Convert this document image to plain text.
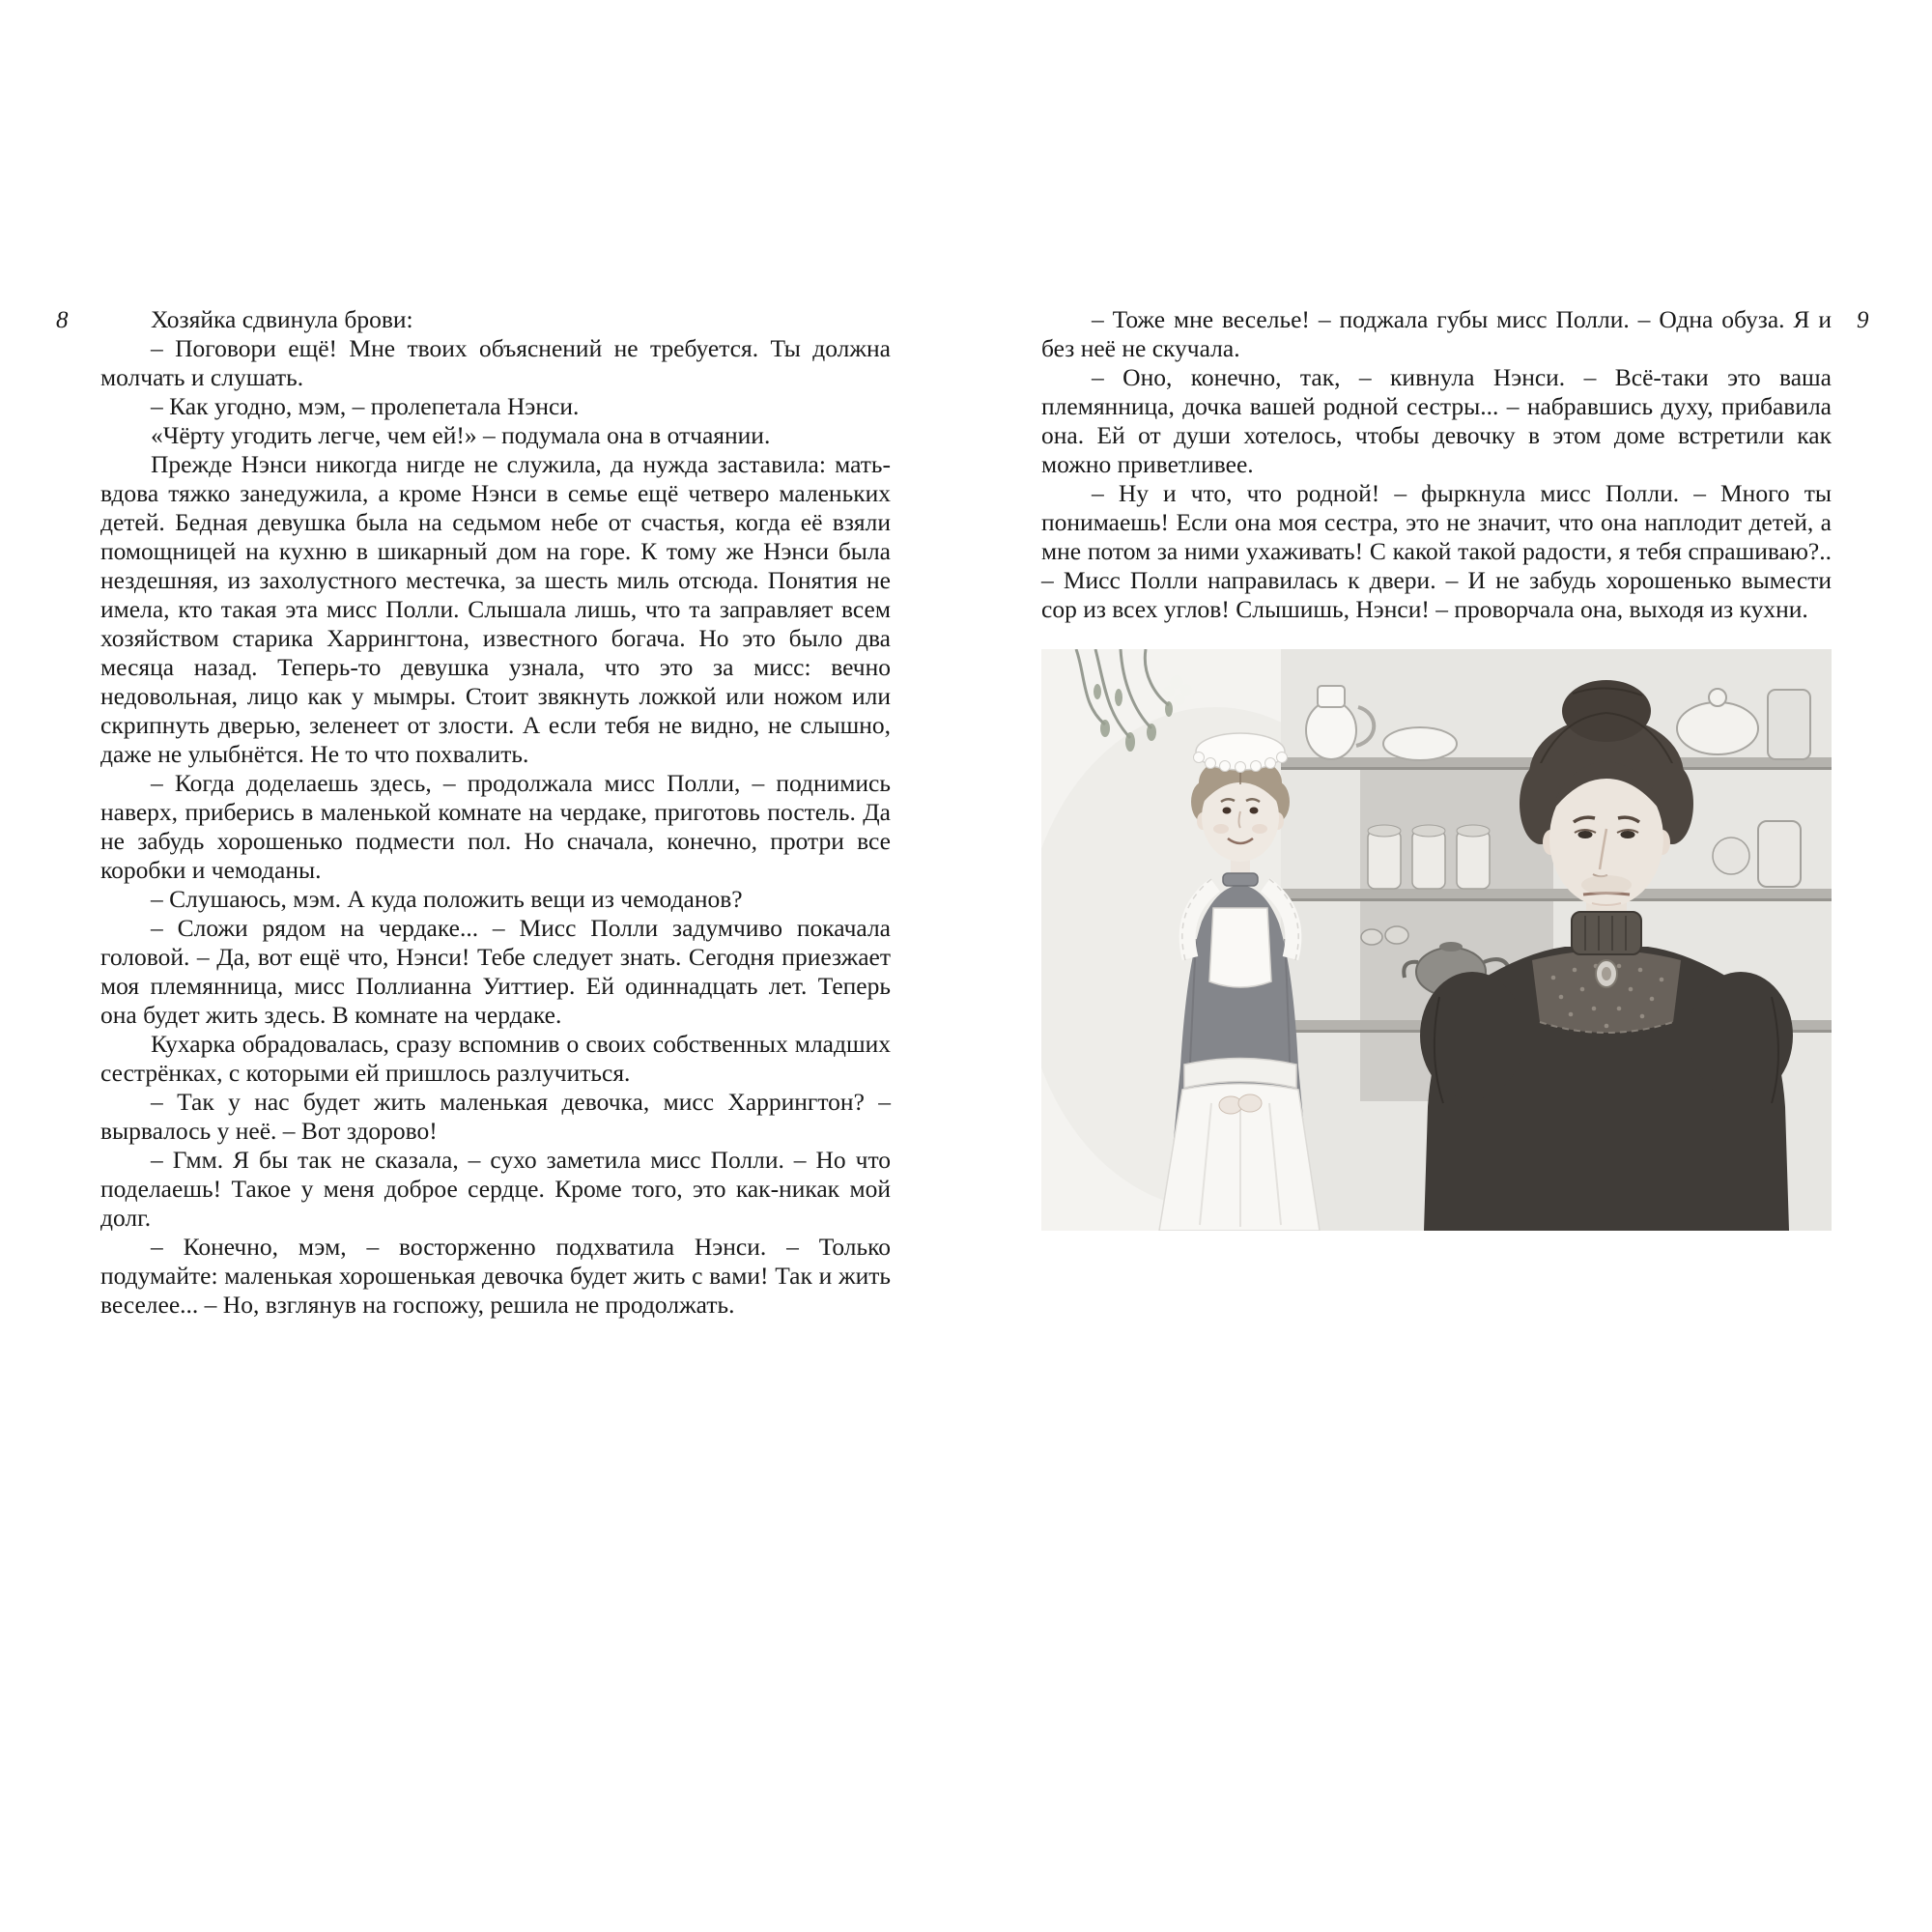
8	9

Хозяйка сдвинула брови:

– Поговори ещё! Мне твоих объяснений не требуется. Ты должна молчать и слушать.

– Как угодно, мэм, – пролепетала Нэнси.

«Чёрту угодить легче, чем ей!» – подумала она в отчаянии.

Прежде Нэнси никогда нигде не служила, да нужда заставила: мать-вдова тяжко занедужила, а кроме Нэнси в семье ещё четверо маленьких детей. Бедная девушка была на седьмом небе от счастья, когда её взяли помощницей на кухню в шикарный дом на горе. К тому же Нэнси была нездешняя, из захолустного местечка, за шесть миль отсюда. Понятия не имела, кто такая эта мисс Полли. Слышала лишь, что та заправляет всем хозяйством старика Харрингтона, известного богача. Но это было два месяца назад. Теперь-то девушка узнала, что это за мисс: вечно недовольная, лицо как у мымры. Стоит звякнуть ложкой или ножом или скрипнуть дверью, зеленеет от злости. А если тебя не видно, не слышно, даже не улыбнётся. Не то что похвалить.

– Когда доделаешь здесь, – продолжала мисс Полли, – поднимись наверх, приберись в маленькой комнате на чердаке, приготовь постель. Да не забудь хорошенько подмести пол. Но сначала, конечно, протри все коробки и чемоданы.

– Слушаюсь, мэм. А куда положить вещи из чемоданов?

– Сложи рядом на чердаке... – Мисс Полли задумчиво покачала головой. – Да, вот ещё что, Нэнси! Тебе следует знать. Сегодня приезжает моя племянница, мисс Поллианна Уиттиер. Ей одиннадцать лет. Теперь она будет жить здесь. В комнате на чердаке.

Кухарка обрадовалась, сразу вспомнив о своих собственных младших сестрёнках, с которыми ей пришлось разлучиться.

– Так у нас будет жить маленькая девочка, мисс Харрингтон? – вырвалось у неё. – Вот здорово!

– Гмм. Я бы так не сказала, – сухо заметила мисс Полли. – Но что поделаешь! Такое у меня доброе сердце. Кроме того, это как-никак мой долг.

– Конечно, мэм, – восторженно подхватила Нэнси. – Только подумайте: маленькая хорошенькая девочка будет жить с вами! Так и жить веселее... – Но, взглянув на госпожу, решила не продолжать.

– Тоже мне веселье! – поджала губы мисс Полли. – Одна обуза. Я и без неё не скучала.

– Оно, конечно, так, – кивнула Нэнси. – Всё-таки это ваша племянница, дочка вашей родной сестры... – набравшись духу, прибавила она. Ей от души хотелось, чтобы девочку в этом доме встретили как можно приветливее.

– Ну и что, что родной! – фыркнула мисс Полли. – Много ты понимаешь! Если она моя сестра, это не значит, что она наплодит детей, а мне потом за ними ухаживать! С какой такой радости, я тебя спрашиваю?.. – Мисс Полли направилась к двери. – И не забудь хорошенько вымести сор из всех углов! Слышишь, Нэнси! – проворчала она, выходя из кухни.
